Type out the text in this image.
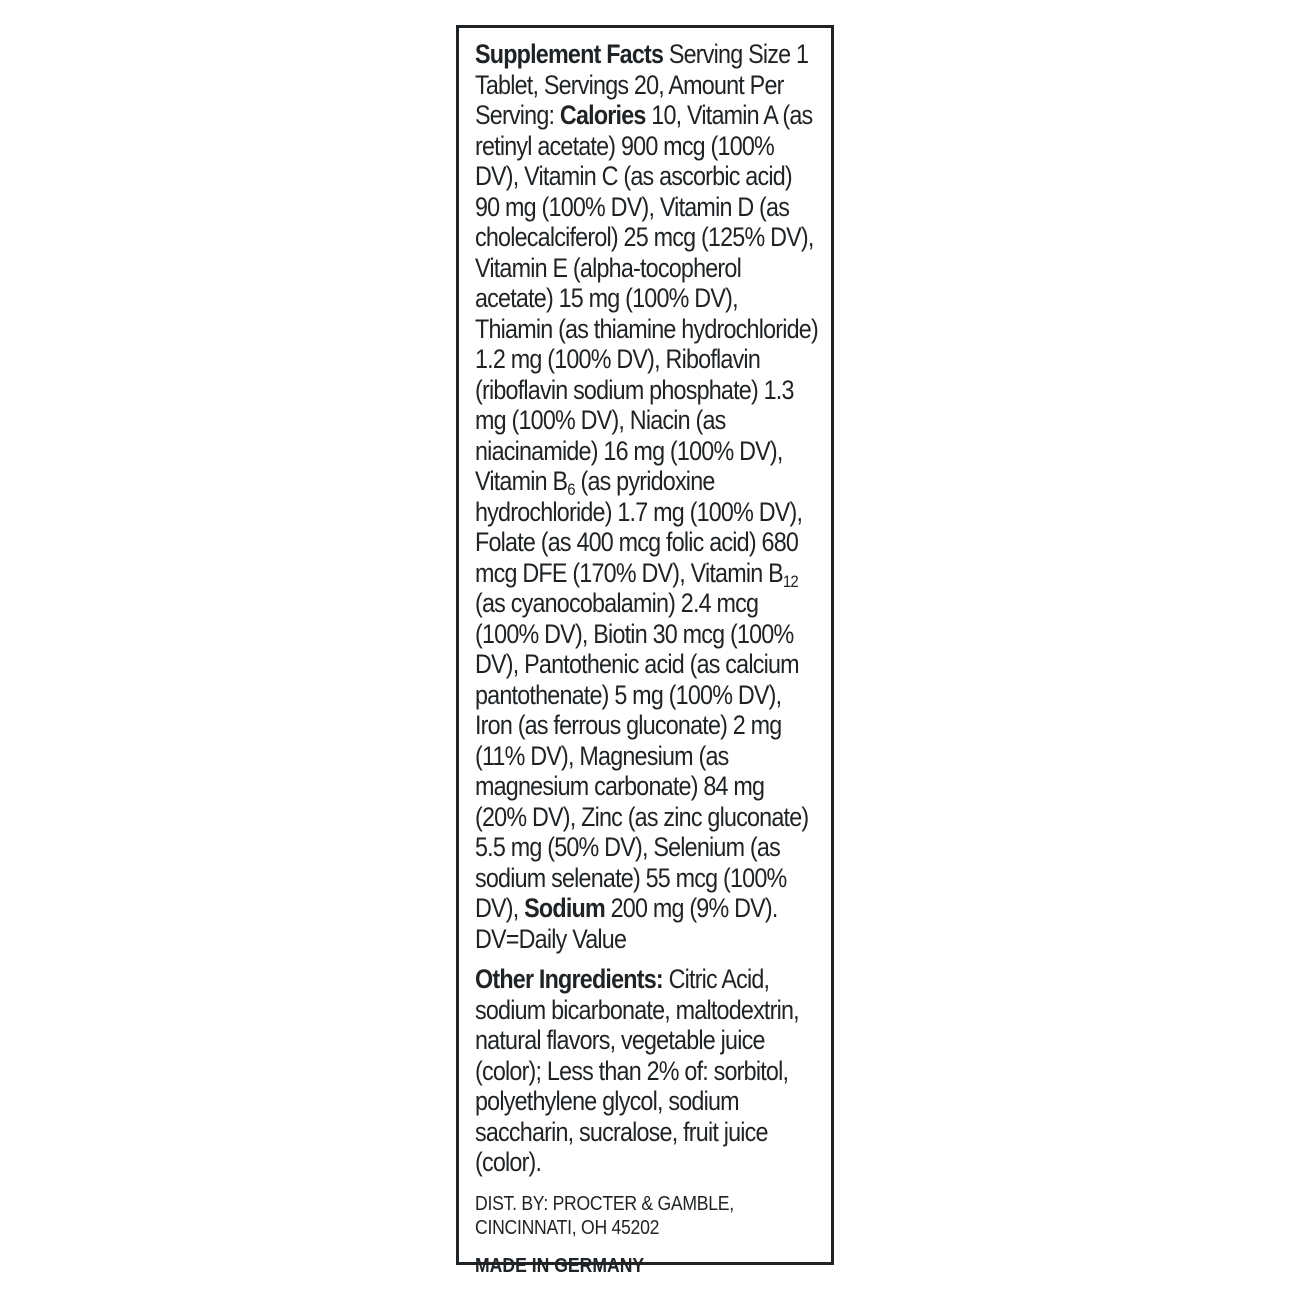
Supplement Facts Serving Size 1 Tablet, Servings 20, Amount Per Serving: Calories 10, Vitamin A (as retinyl acetate) 900 mcg (100% DV), Vitamin C (as ascorbic acid) 90 mg (100% DV), Vitamin D (as cholecalciferol) 25 mcg (125% DV), Vitamin E (alpha-tocopherol acetate) 15 mg (100% DV), Thiamin (as thiamine hydrochloride) 1.2 mg (100% DV), Riboflavin (riboflavin sodium phosphate) 1.3 mg (100% DV), Niacin (as niacinamide) 16 mg (100% DV), Vitamin B6 (as pyridoxine hydrochloride) 1.7 mg (100% DV), Folate (as 400 mcg folic acid) 680 mcg DFE (170% DV), Vitamin B12 (as cyanocobalamin) 2.4 mcg (100% DV), Biotin 30 mcg (100% DV), Pantothenic acid (as calcium pantothenate) 5 mg (100% DV), Iron (as ferrous gluconate) 2 mg (11% DV), Magnesium (as magnesium carbonate) 84 mg (20% DV), Zinc (as zinc gluconate) 5.5 mg (50% DV), Selenium (as sodium selenate) 55 mcg (100% DV), Sodium 200 mg (9% DV).
DV=Daily Value

Other Ingredients: Citric Acid, sodium bicarbonate, maltodextrin, natural flavors, vegetable juice (color); Less than 2% of: sorbitol, polyethylene glycol, sodium saccharin, sucralose, fruit juice (color).

DIST. BY: PROCTER & GAMBLE,
CINCINNATI, OH 45202

MADE IN GERMANY
